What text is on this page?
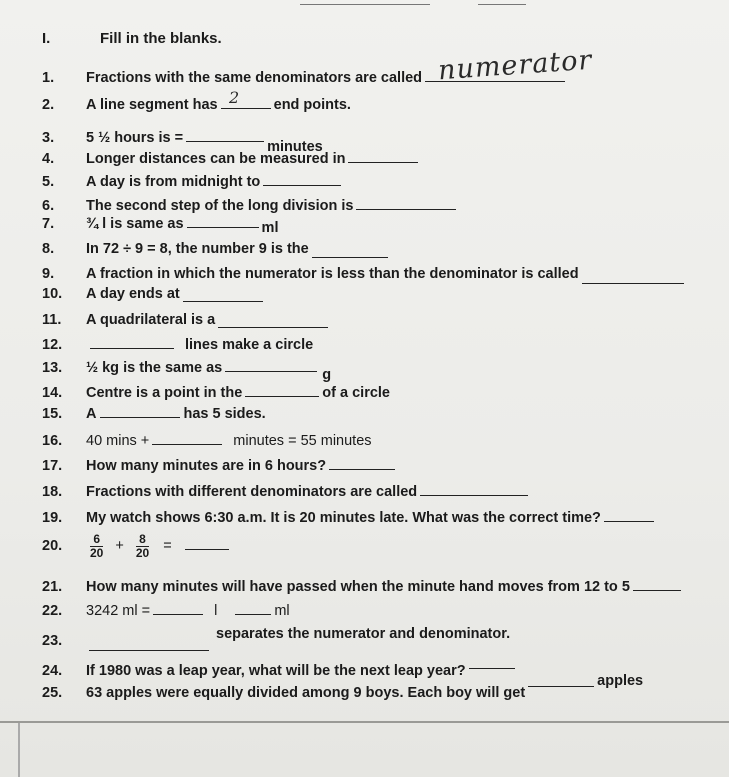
I.	Fill in the blanks.
1. Fractions with the same denominators are called numerator
2. A line segment has	end points.
2
3. 5 ½ hours is =minutes
4. Longer distances can be measured in
5. A day is from midnight to
6. The second step of the long division is
7. ¾ l is same as	ml
8. In 72 ÷ 9 = 8, the number 9 is the
9. A fraction in which the numerator is less than the denominator is called
10. A day ends at
11. A quadrilateral is a
12.	lines make a circle
13. ½ kg is the same as	g
14. Centre is a point in the	of a circle
15. A	has 5 sides.
16. 40 mins +	minutes = 55 minutes
17. How many minutes are in 6 hours?
18. Fractions with different denominators are called
19. My watch shows 6:30 a.m. It is 20 minutes late. What was the correct time?
20. $\frac{6}{20} + \frac{8}{20}$ =
21. How many minutes will have passed when the minute hand moves from 12 to 5
22. 3242 ml =	l	ml
23.	separates the numerator and denominator.
24. If 1980 was a leap year, what will be the next leap year?
25. 63 apples were equally divided among 9 boys. Each boy will getapples
